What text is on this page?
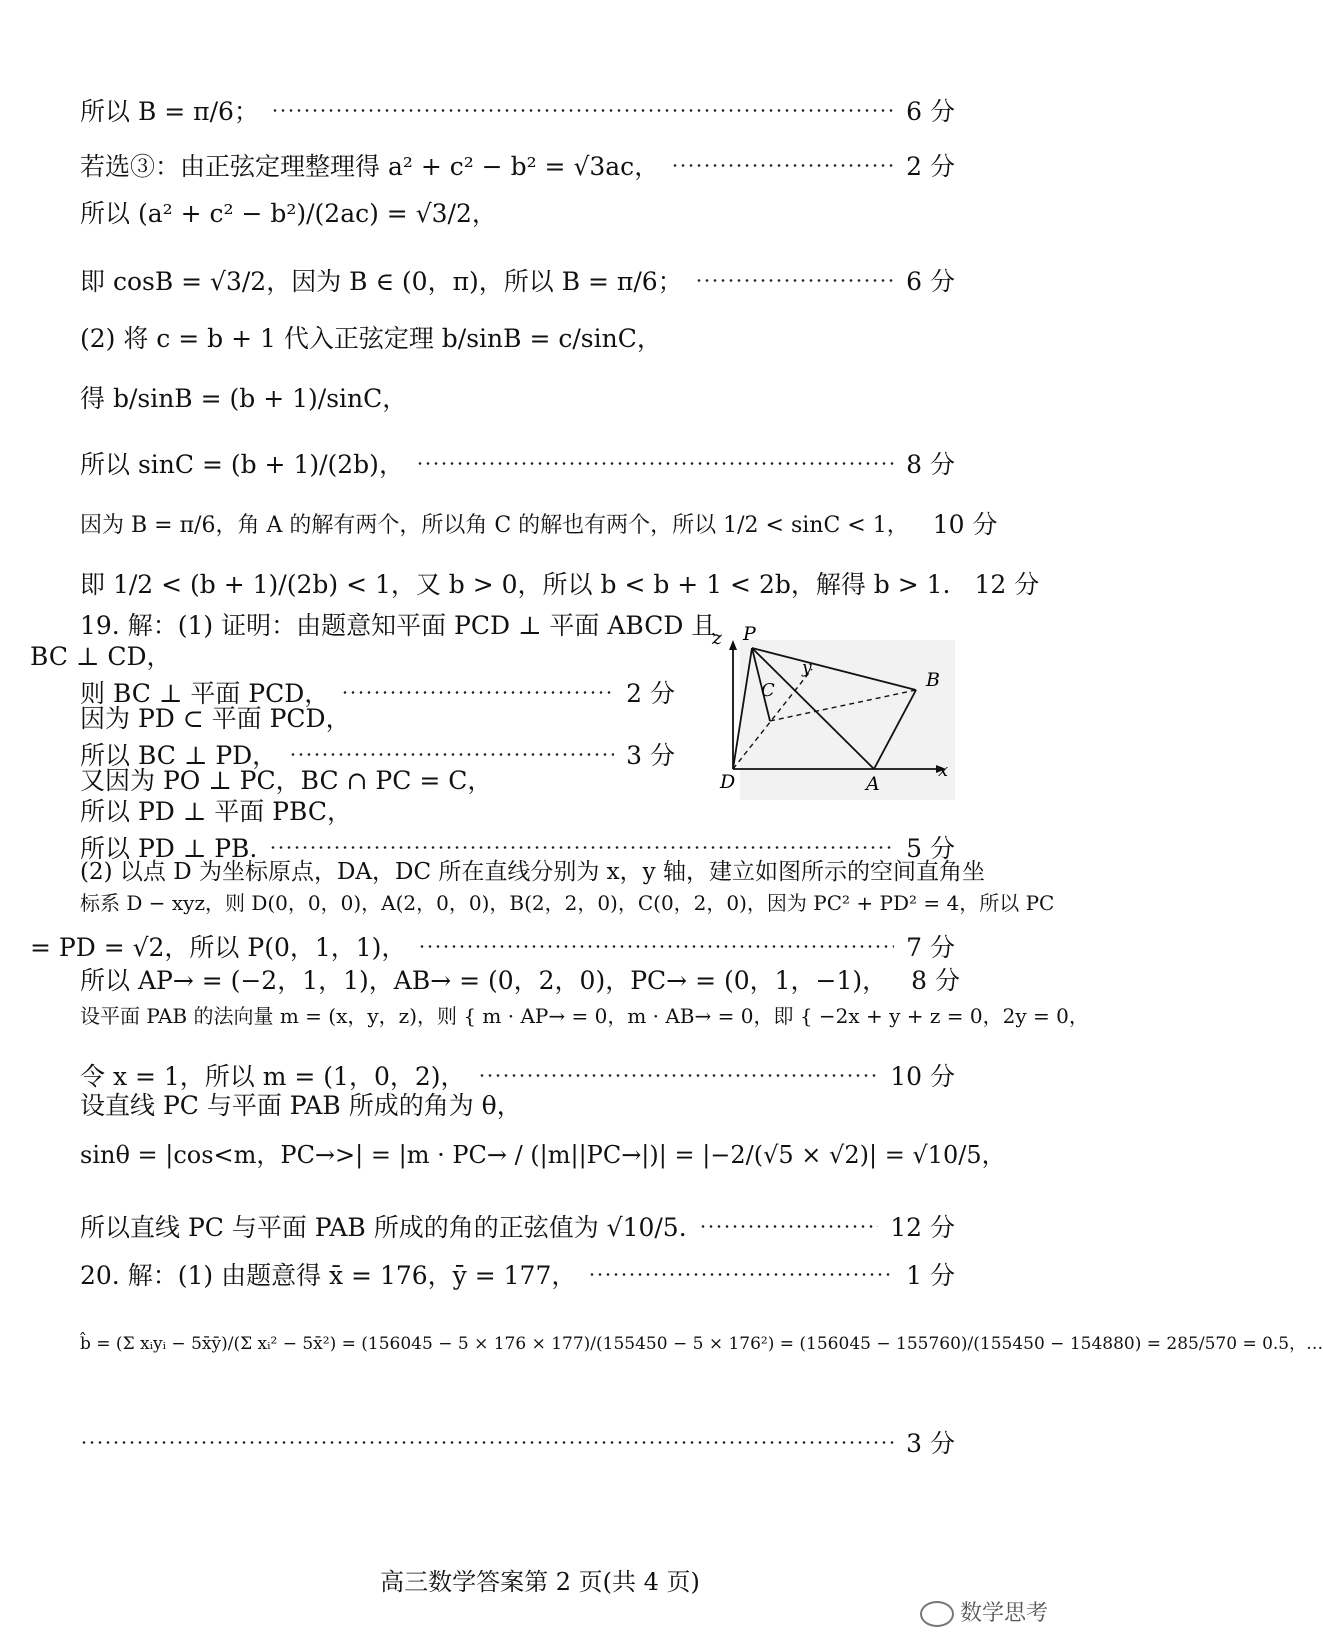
所以 B = π/6；	6 分
若选③：由正弦定理整理得 a² + c² − b² = √3ac，	2 分
所以 (a² + c² − b²)/(2ac) = √3/2，
即 cosB = √3/2，因为 B ∈ (0，π)，所以 B = π/6；	6 分
(2) 将 c = b + 1 代入正弦定理 b/sinB = c/sinC，
得 b/sinB = (b + 1)/sinC，
所以 sinC = (b + 1)/(2b)，	8 分
因为 B = π/6，角 A 的解有两个，所以角 C 的解也有两个，所以 1/2 < sinC < 1， 10 分
即 1/2 < (b + 1)/(2b) < 1，又 b > 0，所以 b < b + 1 < 2b，解得 b > 1. 12 分
19. 解：(1) 证明：由题意知平面 PCD ⊥ 平面 ABCD 且
BC ⊥ CD，
则 BC ⊥ 平面 PCD，	2 分
因为 PD ⊂ 平面 PCD，
所以 BC ⊥ PD，	3 分
又因为 PO ⊥ PC，BC ∩ PC = C，
所以 PD ⊥ 平面 PBC，
所以 PD ⊥ PB.	5 分
(2) 以点 D 为坐标原点，DA，DC 所在直线分别为 x，y 轴，建立如图所示的空间直角坐
标系 D − xyz，则 D(0，0，0)，A(2，0，0)，B(2，2，0)，C(0，2，0)，因为 PC² + PD² = 4，所以 PC
= PD = √2，所以 P(0，1，1)，	7 分
所以 AP→ = (−2，1，1)，AB→ = (0，2，0)，PC→ = (0，1，−1)， 8 分
设平面 PAB 的法向量 m = (x，y，z)，则 { m · AP→ = 0，m · AB→ = 0，即 { −2x + y + z = 0，2y = 0，
令 x = 1，所以 m = (1，0，2)，	10 分
设直线 PC 与平面 PAB 所成的角为 θ，
sinθ = |cos<m，PC→>| = |m · PC→ / (|m||PC→|)| = |−2/(√5 × √2)| = √10/5，
所以直线 PC 与平面 PAB 所成的角的正弦值为 √10/5.	12 分
20. 解：(1) 由题意得 x̄ = 176，ȳ = 177，	1 分
b̂ = (Σ xᵢyᵢ − 5x̄ȳ)/(Σ xᵢ² − 5x̄²) = (156045 − 5 × 176 × 177)/(155450 − 5 × 176²) = (156045 − 155760)/(155450 − 154880) = 285/570 = 0.5，…
3 分
z P
y
C	B
D	A
x
高三数学答案第 2 页(共 4 页)
数学思考
